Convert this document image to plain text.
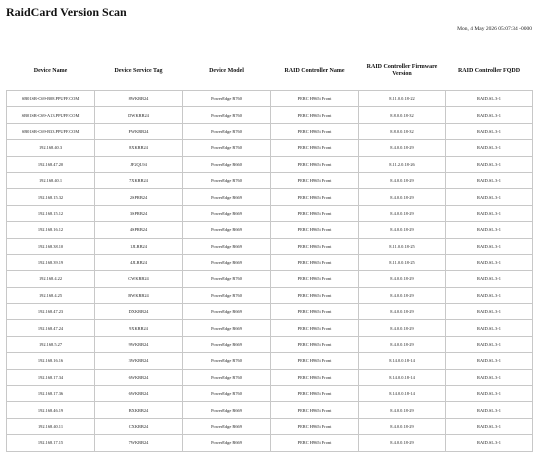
RaidCard Version Scan
Mon, 4 May 2026 05:07:34 -0000
Device Name	Device Service Tag	Device Model	RAID Controller Name	RAID Controller Firmware Version	RAID Controller FQDD
SB01SR-C69-B08.PPUFF.COM	8WKRB24	PowerEdge R760	PERC H965i Front	8.11.0.0.18-22	RAID.SL.3-1
SB01SR-C69-A13.PPUFF.COM	DWKRB24	PowerEdge R760	PERC H965i Front	8.8.0.0.18-32	RAID.SL.3-1
SB01SR-C69-B33.PPUFF.COM	FWKRB24	PowerEdge R760	PERC H965i Front	8.8.0.0.18-32	RAID.SL.3-1
192.168.40.3	8XKRB24	PowerEdge R760	PERC H965i Front	8.4.0.0.18-29	RAID.SL.3-1
192.168.47.20	JF2QL94	PowerEdge R660	PERC H965i Front	8.11.2.0.18-26	RAID.SL.3-1
192.168.40.1	7XKRB24	PowerEdge R760	PERC H965i Front	8.4.0.0.18-29	RAID.SL.3-1
192.168.15.32	2SPRB24	PowerEdge R669	PERC H965i Front	8.4.0.0.18-29	RAID.SL.3-1
192.168.15.12	3SPRB24	PowerEdge R669	PERC H965i Front	8.4.0.0.18-29	RAID.SL.3-1
192.168.16.12	4SPRB24	PowerEdge R669	PERC H965i Front	8.4.0.0.18-29	RAID.SL.3-1
192.168.38.10	1JLRB24	PowerEdge R669	PERC H965i Front	8.11.0.0.18-25	RAID.SL.3-1
192.168.39.19	4JLRB24	PowerEdge R669	PERC H965i Front	8.11.0.0.18-25	RAID.SL.3-1
192.168.4.22	CWKRB24	PowerEdge R760	PERC H965i Front	8.4.0.0.18-29	RAID.SL.3-1
192.168.4.25	BWKRB24	PowerEdge R760	PERC H965i Front	8.4.0.0.18-29	RAID.SL.3-1
192.168.47.23	DXKRB24	PowerEdge R669	PERC H965i Front	8.4.0.0.18-29	RAID.SL.3-1
192.168.47.24	9XKRB24	PowerEdge R669	PERC H965i Front	8.4.0.0.18-29	RAID.SL.3-1
192.168.5.27	9WKRB24	PowerEdge R669	PERC H965i Front	8.4.0.0.18-29	RAID.SL.3-1
192.168.16.16	3WKRB24	PowerEdge R760	PERC H965i Front	8.14.0.0.18-14	RAID.SL.3-1
192.168.17.34	6WKRB24	PowerEdge R760	PERC H965i Front	8.14.0.0.18-14	RAID.SL.3-1
192.168.17.36	6WKRB24	PowerEdge R760	PERC H965i Front	8.14.0.0.18-14	RAID.SL.3-1
192.168.46.19	BXKRB24	PowerEdge R669	PERC H965i Front	8.4.0.0.18-29	RAID.SL.3-1
192.168.40.11	CXKRB24	PowerEdge R669	PERC H965i Front	8.4.0.0.18-29	RAID.SL.3-1
192.168.17.15	7WKRB24	PowerEdge R669	PERC H965i Front	8.4.0.0.18-29	RAID.SL.3-1
